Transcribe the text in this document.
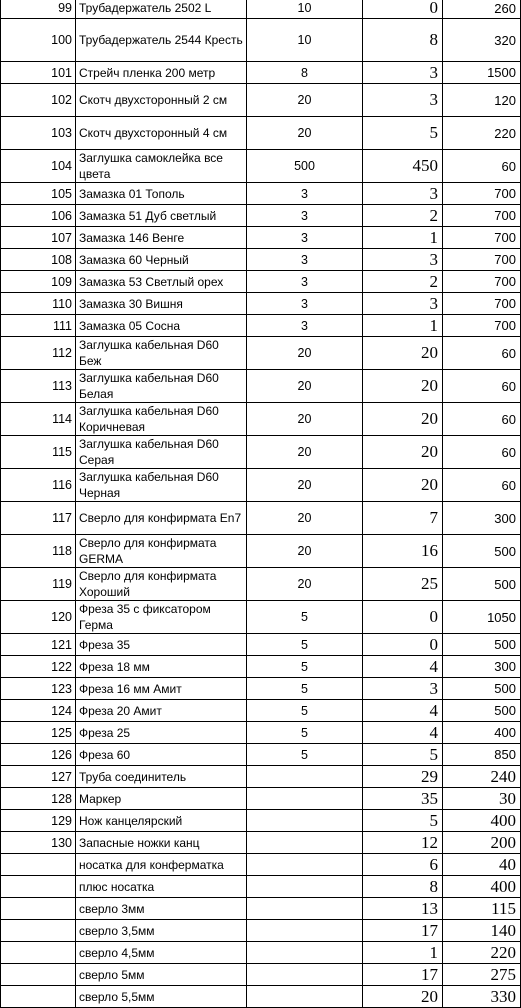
99	Трубадержатель 2502 L	10	0	260
100	Трубадержатель 2544 Кресть	10	8	320
101	Стрейч пленка 200 метр	8	3	1500
102	Скотч двухсторонный 2 см	20	3	120
103	Скотч двухсторонный 4 см	20	5	220
104	Заглушка самоклейка все цвета	500	450	60
105	Замазка 01 Тополь	3	3	700
106	Замазка 51 Дуб светлый	3	2	700
107	Замазка 146 Венге	3	1	700
108	Замазка 60 Черный	3	3	700
109	Замазка 53 Светлый орех	3	2	700
110	Замазка 30 Вишня	3	3	700
111	Замазка 05 Сосна	3	1	700
112	Заглушка кабельная D60 Беж	20	20	60
113	Заглушка кабельная D60 Белая	20	20	60
114	Заглушка кабельная D60 Коричневая	20	20	60
115	Заглушка кабельная D60 Серая	20	20	60
116	Заглушка кабельная D60 Черная	20	20	60
117	Сверло для конфирмата En7	20	7	300
118	Сверло для конфирмата GERMA	20	16	500
119	Сверло для конфирмата Хороший	20	25	500
120	Фреза 35 с фиксатором Герма	5	0	1050
121	Фреза 35	5	0	500
122	Фреза 18 мм	5	4	300
123	Фреза 16 мм Амит	5	3	500
124	Фреза 20 Амит	5	4	500
125	Фреза 25	5	4	400
126	Фреза 60	5	5	850
127	Труба соединитель		29	240
128	Маркер		35	30
129	Нож канцелярский		5	400
130	Запасные ножки канц		12	200
	носатка для конферматка		6	40
	плюс носатка		8	400
	сверло 3мм		13	115
	сверло 3,5мм		17	140
	сверло 4,5мм		1	220
	сверло 5мм		17	275
	сверло 5,5мм		20	330
